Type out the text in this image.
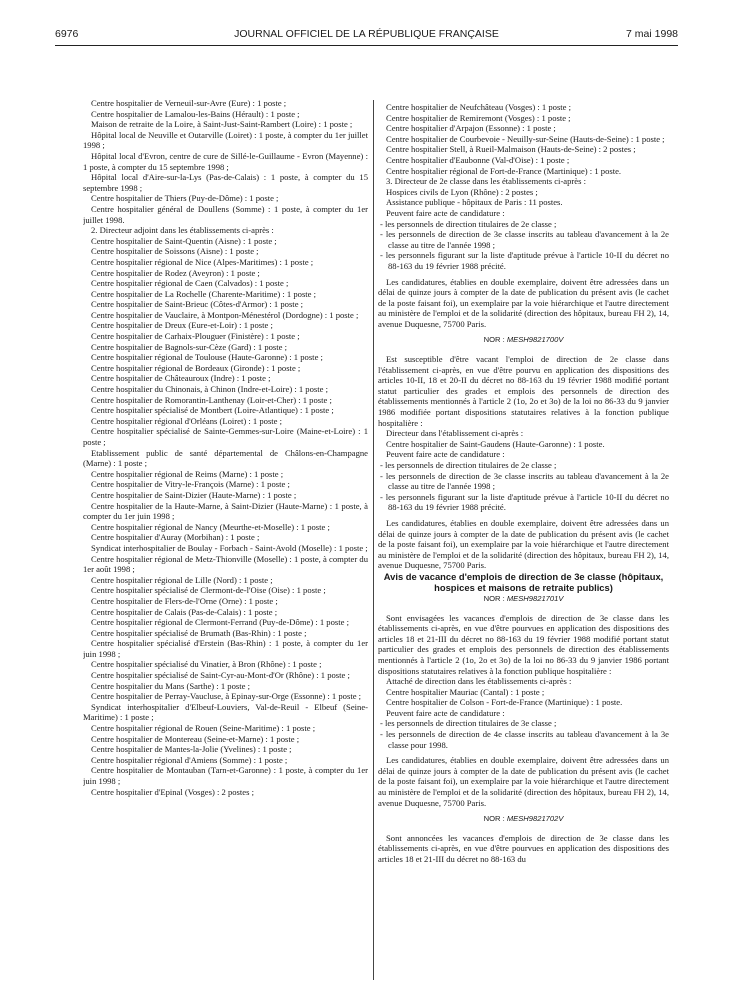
6976	JOURNAL OFFICIEL DE LA RÉPUBLIQUE FRANÇAISE	7 mai 1998

Centre hospitalier de Verneuil-sur-Avre (Eure) : 1 poste ;

Centre hospitalier de Lamalou-les-Bains (Hérault) : 1 poste ;

Maison de retraite de la Loire, à Saint-Just-Saint-Rambert (Loire) : 1 poste ;

Hôpital local de Neuville et Outarville (Loiret) : 1 poste, à compter du 1er juillet 1998 ;

Hôpital local d'Evron, centre de cure de Sillé-le-Guillaume - Evron (Mayenne) : 1 poste, à compter du 15 septembre 1998 ;

Hôpital local d'Aire-sur-la-Lys (Pas-de-Calais) : 1 poste, à compter du 15 septembre 1998 ;

Centre hospitalier de Thiers (Puy-de-Dôme) : 1 poste ;

Centre hospitalier général de Doullens (Somme) : 1 poste, à compter du 1er juillet 1998.

2. Directeur adjoint dans les établissements ci-après :

Centre hospitalier de Saint-Quentin (Aisne) : 1 poste ;

Centre hospitalier de Soissons (Aisne) : 1 poste ;

Centre hospitalier régional de Nice (Alpes-Maritimes) : 1 poste ;

Centre hospitalier de Rodez (Aveyron) : 1 poste ;

Centre hospitalier régional de Caen (Calvados) : 1 poste ;

Centre hospitalier de La Rochelle (Charente-Maritime) : 1 poste ;

Centre hospitalier de Saint-Brieuc (Côtes-d'Armor) : 1 poste ;

Centre hospitalier de Vauclaire, à Montpon-Ménestérol (Dordogne) : 1 poste ;

Centre hospitalier de Dreux (Eure-et-Loir) : 1 poste ;

Centre hospitalier de Carhaix-Plouguer (Finistère) : 1 poste ;

Centre hospitalier de Bagnols-sur-Cèze (Gard) : 1 poste ;

Centre hospitalier régional de Toulouse (Haute-Garonne) : 1 poste ;

Centre hospitalier régional de Bordeaux (Gironde) : 1 poste ;

Centre hospitalier de Châteauroux (Indre) : 1 poste ;

Centre hospitalier du Chinonais, à Chinon (Indre-et-Loire) : 1 poste ;

Centre hospitalier de Romorantin-Lanthenay (Loir-et-Cher) : 1 poste ;

Centre hospitalier spécialisé de Montbert (Loire-Atlantique) : 1 poste ;

Centre hospitalier régional d'Orléans (Loiret) : 1 poste ;

Centre hospitalier spécialisé de Sainte-Gemmes-sur-Loire (Maine-et-Loire) : 1 poste ;

Etablissement public de santé départemental de Châlons-en-Champagne (Marne) : 1 poste ;

Centre hospitalier régional de Reims (Marne) : 1 poste ;

Centre hospitalier de Vitry-le-François (Marne) : 1 poste ;

Centre hospitalier de Saint-Dizier (Haute-Marne) : 1 poste ;

Centre hospitalier de la Haute-Marne, à Saint-Dizier (Haute-Marne) : 1 poste, à compter du 1er juin 1998 ;

Centre hospitalier régional de Nancy (Meurthe-et-Moselle) : 1 poste ;

Centre hospitalier d'Auray (Morbihan) : 1 poste ;

Syndicat interhospitalier de Boulay - Forbach - Saint-Avold (Moselle) : 1 poste ;

Centre hospitalier régional de Metz-Thionville (Moselle) : 1 poste, à compter du 1er août 1998 ;

Centre hospitalier régional de Lille (Nord) : 1 poste ;

Centre hospitalier spécialisé de Clermont-de-l'Oise (Oise) : 1 poste ;

Centre hospitalier de Flers-de-l'Orne (Orne) : 1 poste ;

Centre hospitalier de Calais (Pas-de-Calais) : 1 poste ;

Centre hospitalier régional de Clermont-Ferrand (Puy-de-Dôme) : 1 poste ;

Centre hospitalier spécialisé de Brumath (Bas-Rhin) : 1 poste ;

Centre hospitalier spécialisé d'Erstein (Bas-Rhin) : 1 poste, à compter du 1er juin 1998 ;

Centre hospitalier spécialisé du Vinatier, à Bron (Rhône) : 1 poste ;

Centre hospitalier spécialisé de Saint-Cyr-au-Mont-d'Or (Rhône) : 1 poste ;

Centre hospitalier du Mans (Sarthe) : 1 poste ;

Centre hospitalier de Perray-Vaucluse, à Epinay-sur-Orge (Essonne) : 1 poste ;

Syndicat interhospitalier d'Elbeuf-Louviers, Val-de-Reuil - Elbeuf (Seine-Maritime) : 1 poste ;

Centre hospitalier régional de Rouen (Seine-Maritime) : 1 poste ;

Centre hospitalier de Montereau (Seine-et-Marne) : 1 poste ;

Centre hospitalier de Mantes-la-Jolie (Yvelines) : 1 poste ;

Centre hospitalier régional d'Amiens (Somme) : 1 poste ;

Centre hospitalier de Montauban (Tarn-et-Garonne) : 1 poste, à compter du 1er juin 1998 ;

Centre hospitalier d'Epinal (Vosges) : 2 postes ;

Centre hospitalier de Neufchâteau (Vosges) : 1 poste ;

Centre hospitalier de Remiremont (Vosges) : 1 poste ;

Centre hospitalier d'Arpajon (Essonne) : 1 poste ;

Centre hospitalier de Courbevoie - Neuilly-sur-Seine (Hauts-de-Seine) : 1 poste ;

Centre hospitalier Stell, à Rueil-Malmaison (Hauts-de-Seine) : 2 postes ;

Centre hospitalier d'Eaubonne (Val-d'Oise) : 1 poste ;

Centre hospitalier régional de Fort-de-France (Martinique) : 1 poste.

3. Directeur de 2e classe dans les établissements ci-après :

Hospices civils de Lyon (Rhône) : 2 postes ;

Assistance publique - hôpitaux de Paris : 11 postes.

Peuvent faire acte de candidature :

- les personnels de direction titulaires de 2e classe ;

- les personnels de direction de 3e classe inscrits au tableau d'avancement à la 2e classe au titre de l'année 1998 ;

- les personnels figurant sur la liste d'aptitude prévue à l'article 10-II du décret no 88-163 du 19 février 1988 précité.

Les candidatures, établies en double exemplaire, doivent être adressées dans un délai de quinze jours à compter de la date de publication du présent avis (le cachet de la poste faisant foi), un exemplaire par la voie hiérarchique et l'autre directement au ministère de l'emploi et de la solidarité (direction des hôpitaux, bureau FH 2), 14, avenue Duquesne, 75700 Paris.

NOR : MESH9821700V

Est susceptible d'être vacant l'emploi de direction de 2e classe dans l'établissement ci-après, en vue d'être pourvu en application des dispositions des articles 10-II, 18 et 20-II du décret no 88-163 du 19 février 1988 modifié portant statut particulier des grades et emplois des personnels de direction des établissements mentionnés à l'article 2 (1o, 2o et 3o) de la loi no 86-33 du 9 janvier 1986 modifiée portant dispositions statutaires relatives à la fonction publique hospitalière :

Directeur dans l'établissement ci-après :

Centre hospitalier de Saint-Gaudens (Haute-Garonne) : 1 poste.

Peuvent faire acte de candidature :

- les personnels de direction titulaires de 2e classe ;

- les personnels de direction de 3e classe inscrits au tableau d'avancement à la 2e classe au titre de l'année 1998 ;

- les personnels figurant sur la liste d'aptitude prévue à l'article 10-II du décret no 88-163 du 19 février 1988 précité.

Les candidatures, établies en double exemplaire, doivent être adressées dans un délai de quinze jours à compter de la date de publication du présent avis (le cachet de la poste faisant foi), un exemplaire par la voie hiérarchique et l'autre directement au ministère de l'emploi et de la solidarité (direction des hôpitaux, bureau FH 2), 14, avenue Duquesne, 75700 Paris.

Avis de vacance d'emplois de direction de 3e classe (hôpitaux, hospices et maisons de retraite publics)

NOR : MESH9821701V

Sont envisagées les vacances d'emplois de direction de 3e classe dans les établissements ci-après, en vue d'être pourvues en application des dispositions des articles 18 et 21-III du décret no 88-163 du 19 février 1988 modifié portant statut particulier des grades et emplois des personnels de direction des établissements mentionnés à l'article 2 (1o, 2o et 3o) de la loi no 86-33 du 9 janvier 1986 portant dispositions statutaires relatives à la fonction publique hospitalière :

Attaché de direction dans les établissements ci-après :

Centre hospitalier Mauriac (Cantal) : 1 poste ;

Centre hospitalier de Colson - Fort-de-France (Martinique) : 1 poste.

Peuvent faire acte de candidature :

- les personnels de direction titulaires de 3e classe ;

- les personnels de direction de 4e classe inscrits au tableau d'avancement à la 3e classe pour 1998.

Les candidatures, établies en double exemplaire, doivent être adressées dans un délai de quinze jours à compter de la date de publication du présent avis (le cachet de la poste faisant foi), un exemplaire par la voie hiérarchique et l'autre directement au ministère de l'emploi et de la solidarité (direction des hôpitaux, bureau FH 2), 14, avenue Duquesne, 75700 Paris.

NOR : MESH9821702V

Sont annoncées les vacances d'emplois de direction de 3e classe dans les établissements ci-après, en vue d'être pourvues en application des dispositions des articles 18 et 21-III du décret no 88-163 du
